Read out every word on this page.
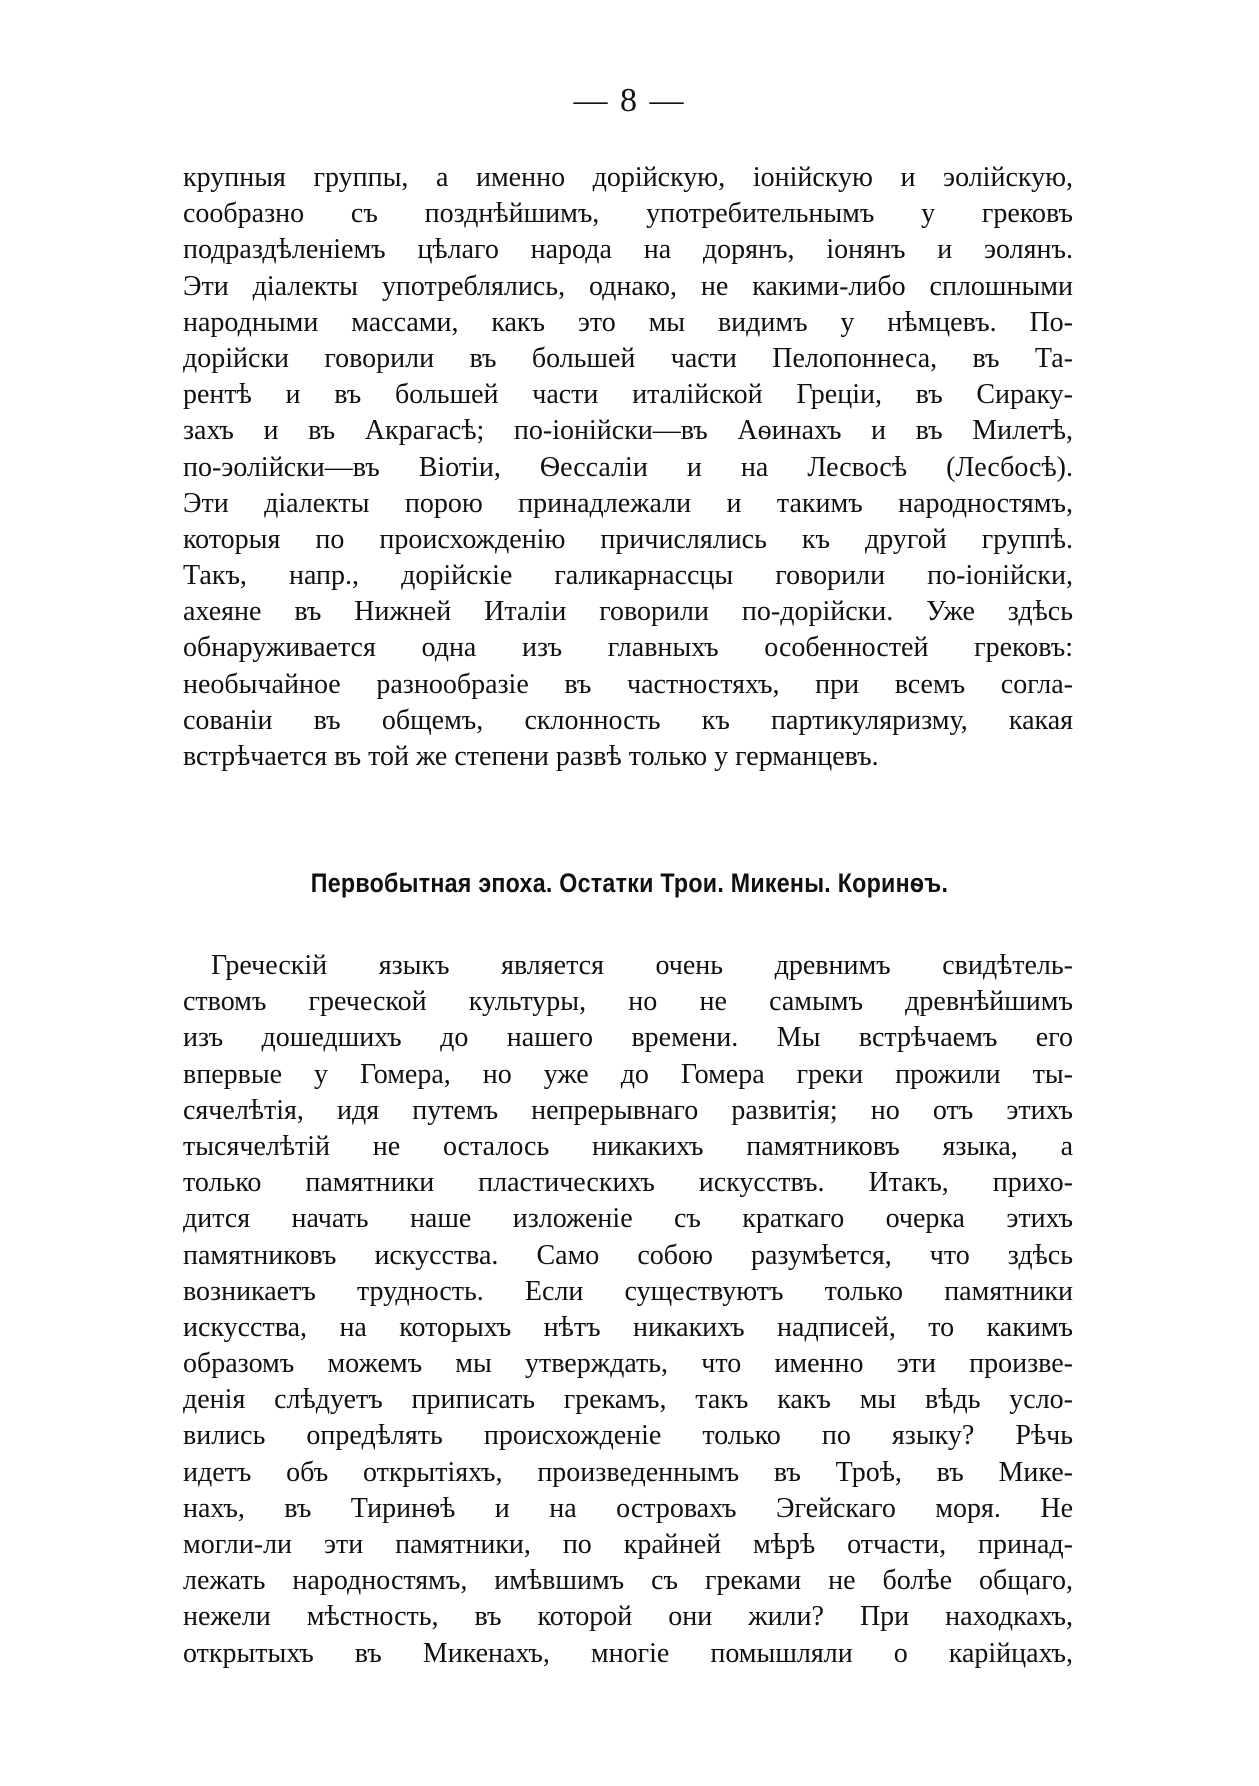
— 8 —
крупныя группы, а именно дорійскую, іонійскую и эолійскую,
сообразно съ позднѣйшимъ, употребительнымъ у грековъ
подраздѣленіемъ цѣлаго народа на дорянъ, іонянъ и эолянъ.
Эти діалекты употреблялись, однако, не какими-либо сплошными
народными массами, какъ это мы видимъ у нѣмцевъ. По-
дорійски говорили въ большей части Пелопоннеса, въ Та-
рентѣ и въ большей части италійской Греціи, въ Сираку-
захъ и въ Акрагасѣ; по-іонійски—въ Аѳинахъ и въ Милетѣ,
по-эолійски—въ Віотіи, Ѳессаліи и на Лесвосѣ (Лесбосѣ).
Эти діалекты порою принадлежали и такимъ народностямъ,
которыя по происхожденію причислялись къ другой группѣ.
Такъ, напр., дорійскіе галикарнассцы говорили по-іонійски,
ахеяне въ Нижней Италіи говорили по-дорійски. Уже здѣсь
обнаруживается одна изъ главныхъ особенностей грековъ:
необычайное разнообразіе въ частностяхъ, при всемъ согла-
сованіи въ общемъ, склонность къ партикуляризму, какая
встрѣчается въ той же степени развѣ только у германцевъ.
Первобытная эпоха. Остатки Трои. Микены. Коринѳъ.
Греческій языкъ является очень древнимъ свидѣтель-
ствомъ греческой культуры, но не самымъ древнѣйшимъ
изъ дошедшихъ до нашего времени. Мы встрѣчаемъ его
впервые у Гомера, но уже до Гомера греки прожили ты-
сячелѣтія, идя путемъ непрерывнаго развитія; но отъ этихъ
тысячелѣтій не осталось никакихъ памятниковъ языка, а
только памятники пластическихъ искусствъ. Итакъ, прихо-
дится начать наше изложеніе съ краткаго очерка этихъ
памятниковъ искусства. Само собою разумѣется, что здѣсь
возникаетъ трудность. Если существуютъ только памятники
искусства, на которыхъ нѣтъ никакихъ надписей, то какимъ
образомъ можемъ мы утверждать, что именно эти произве-
денія слѣдуетъ приписать грекамъ, такъ какъ мы вѣдь усло-
вились опредѣлять происхожденіе только по языку? Рѣчь
идетъ объ открытіяхъ, произведеннымъ въ Троѣ, въ Мике-
нахъ, въ Тиринѳѣ и на островахъ Эгейскаго моря. Не
могли-ли эти памятники, по крайней мѣрѣ отчасти, принад-
лежать народностямъ, имѣвшимъ съ греками не болѣе общаго,
нежели мѣстность, въ которой они жили? При находкахъ,
открытыхъ въ Микенахъ, многіе помышляли о карійцахъ,
